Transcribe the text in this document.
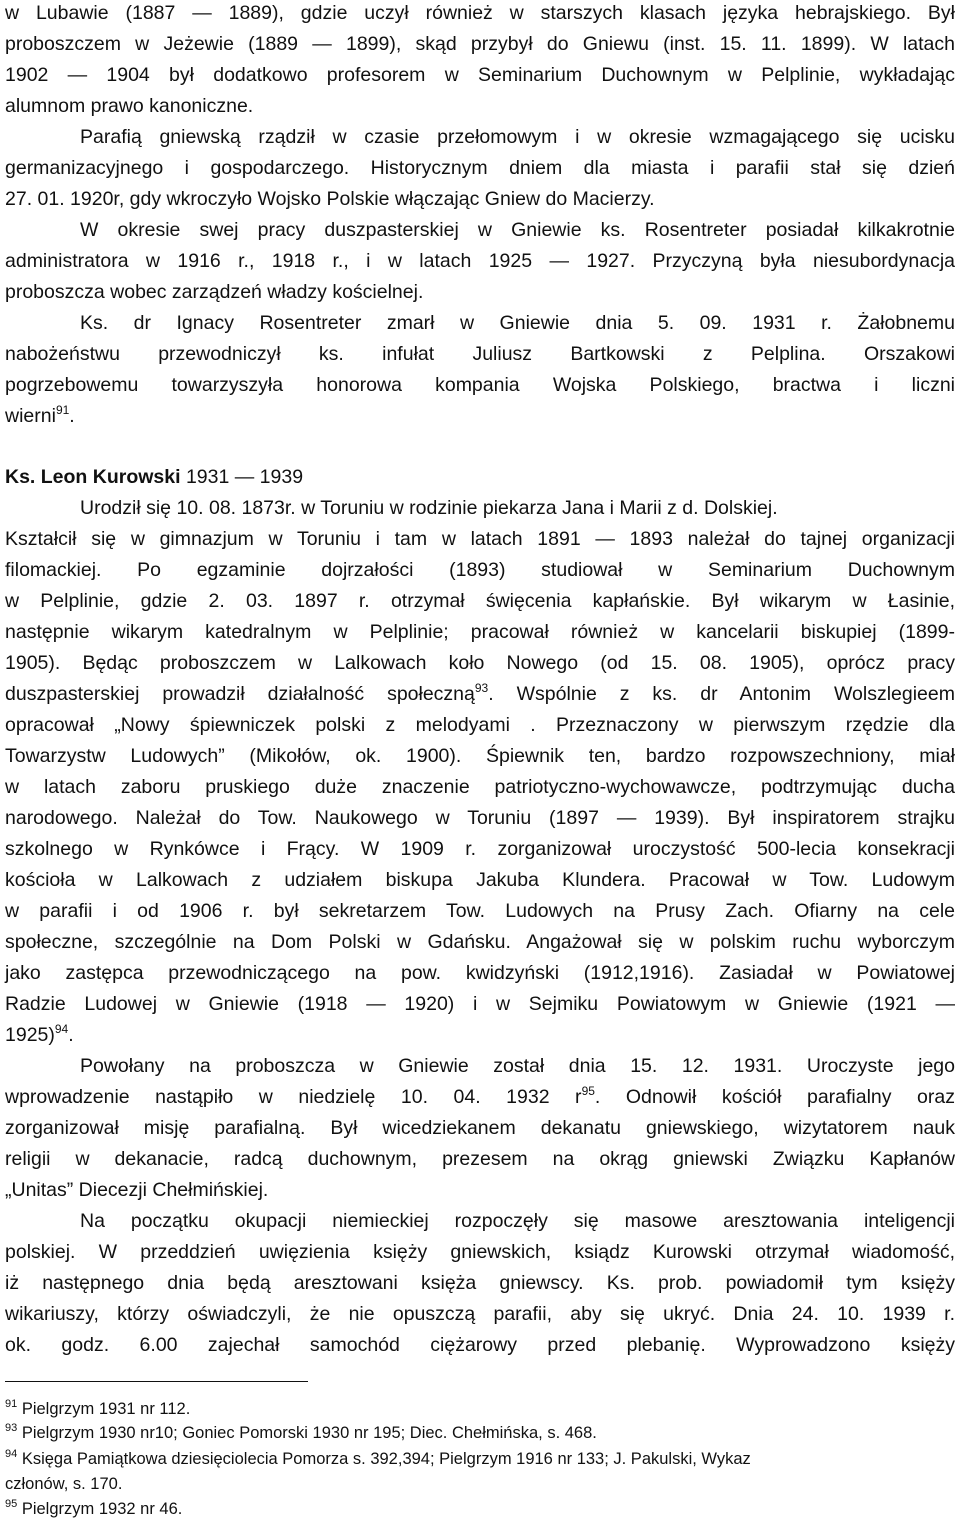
w Lubawie (1887 — 1889), gdzie uczył również w starszych klasach języka hebrajskiego. Był
proboszczem w Jeżewie (1889 — 1899), skąd przybył do Gniewu (inst. 15. 11. 1899). W latach
1902 — 1904 był dodatkowo profesorem w Seminarium Duchownym w Pelplinie, wykładając
alumnom prawo kanoniczne.
Parafią gniewską rządził w czasie przełomowym i w okresie wzmagającego się ucisku
germanizacyjnego i gospodarczego. Historycznym dniem dla miasta i parafii stał się dzień
27. 01. 1920r, gdy wkroczyło Wojsko Polskie włączając Gniew do Macierzy.
W okresie swej pracy duszpasterskiej w Gniewie ks. Rosentreter posiadał kilkakrotnie
administratora w 1916 r., 1918 r., i w latach 1925 — 1927. Przyczyną była niesubordynacja
proboszcza wobec zarządzeń władzy kościelnej.
Ks. dr Ignacy Rosentreter zmarł w Gniewie dnia 5. 09. 1931 r. Żałobnemu
nabożeństwu przewodniczył ks. infułat Juliusz Bartkowski z Pelplina. Orszakowi
pogrzebowemu towarzyszyła honorowa kompania Wojska Polskiego, bractwa i liczni
wierni$^{91}$.
Ks. Leon Kurowski 1931 — 1939
Urodził się 10. 08. 1873r. w Toruniu w rodzinie piekarza Jana i Marii z d. Dolskiej.
Kształcił się w gimnazjum w Toruniu i tam w latach 1891 — 1893 należał do tajnej organizacji
filomackiej. Po egzaminie dojrzałości (1893) studiował w Seminarium Duchownym
w Pelplinie, gdzie 2. 03. 1897 r. otrzymał święcenia kapłańskie. Był wikarym w Łasinie,
następnie wikarym katedralnym w Pelplinie; pracował również w kancelarii biskupiej (1899-
1905). Będąc proboszczem w Lalkowach koło Nowego (od 15. 08. 1905), oprócz pracy
duszpasterskiej prowadził działalność społeczną$^{93}$. Wspólnie z ks. dr Antonim Wolszlegieem
opracował „Nowy śpiewniczek polski z melodyami . Przeznaczony w pierwszym rzędzie dla
Towarzystw Ludowych” (Mikołów, ok. 1900). Śpiewnik ten, bardzo rozpowszechniony, miał
w latach zaboru pruskiego duże znaczenie patriotyczno-wychowawcze, podtrzymując ducha
narodowego. Należał do Tow. Naukowego w Toruniu (1897 — 1939). Był inspiratorem strajku
szkolnego w Rynkówce i Frący. W 1909 r. zorganizował uroczystość 500-lecia konsekracji
kościoła w Lalkowach z udziałem biskupa Jakuba Klundera. Pracował w Tow. Ludowym
w parafii i od 1906 r. był sekretarzem Tow. Ludowych na Prusy Zach. Ofiarny na cele
społeczne, szczególnie na Dom Polski w Gdańsku. Angażował się w polskim ruchu wyborczym
jako zastępca przewodniczącego na pow. kwidzyński (1912,1916). Zasiadał w Powiatowej
Radzie Ludowej w Gniewie (1918 — 1920) i w Sejmiku Powiatowym w Gniewie (1921 —
1925)$^{94}$.
Powołany na proboszcza w Gniewie został dnia 15. 12. 1931. Uroczyste jego
wprowadzenie nastąpiło w niedzielę 10. 04. 1932 $r^{95}$. Odnowił kościół parafialny oraz
zorganizował misję parafialną. Był wicedziekanem dekanatu gniewskiego, wizytatorem nauk
religii w dekanacie, radcą duchownym, prezesem na okrąg gniewski Związku Kapłanów
„Unitas” Diecezji Chełmińskiej.
Na początku okupacji niemieckiej rozpoczęły się masowe aresztowania inteligencji
polskiej. W przeddzień uwięzienia księży gniewskich, ksiądz Kurowski otrzymał wiadomość,
iż następnego dnia będą aresztowani księża gniewscy. Ks. prob. powiadomił tym księży
wikariuszy, którzy oświadczyli, że nie opuszczą parafii, aby się ukryć. Dnia 24. 10. 1939 r.
ok. godz. 6.00 zajechał samochód ciężarowy przed plebanię. Wyprowadzono księży
$^{91}$ Pielgrzym 1931 nr 112.
$^{93}$ Pielgrzym 1930 nr10; Goniec Pomorski 1930 nr 195; Diec. Chełmińska, s. 468.
$^{94}$ Księga Pamiątkowa dziesięciolecia Pomorza s. 392,394; Pielgrzym 1916 nr 133; J. Pakulski, Wykaz
członów, s. 170.
$^{95}$ Pielgrzym 1932 nr 46.
